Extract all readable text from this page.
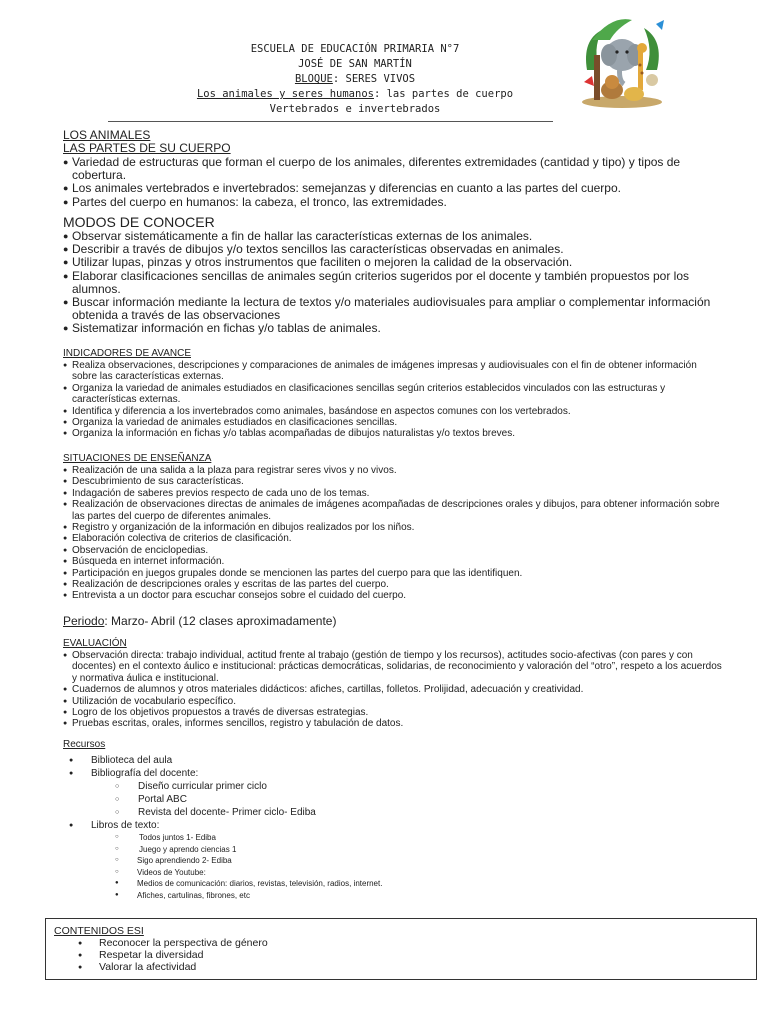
ESCUELA DE EDUCACIÓN PRIMARIA N°7
JOSÉ DE SAN MARTÍN
BLOQUE: SERES VIVOS
Los animales y seres humanos: las partes de cuerpo
Vertebrados e invertebrados
LOS ANIMALES
LAS PARTES DE SU CUERPO
● Variedad de estructuras que forman el cuerpo de los animales, diferentes extremidades (cantidad y tipo) y tipos de cobertura.
● Los animales vertebrados e invertebrados: semejanzas y diferencias en cuanto a las partes del cuerpo.
● Partes del cuerpo en humanos: la cabeza, el tronco, las extremidades.
MODOS DE CONOCER
● Observar sistemáticamente a fin de hallar las características externas de los animales.
● Describir a través de dibujos y/o textos sencillos las características observadas en animales.
● Utilizar lupas, pinzas y otros instrumentos que faciliten o mejoren la calidad de la observación.
● Elaborar clasificaciones sencillas de animales según criterios sugeridos por el docente y también propuestos por los alumnos.
● Buscar información mediante la lectura de textos y/o materiales audiovisuales para ampliar o complementar información obtenida a través de las observaciones
● Sistematizar información en fichas y/o tablas de animales.
INDICADORES DE AVANCE
● Realiza observaciones, descripciones y comparaciones de animales de imágenes impresas y audiovisuales con el fin de obtener información sobre las características externas.
● Organiza la variedad de animales estudiados en clasificaciones sencillas según criterios establecidos vinculados con las estructuras y características externas.
● Identifica y diferencia a los invertebrados como animales, basándose en aspectos comunes con los vertebrados.
● Organiza la variedad de animales estudiados en clasificaciones sencillas.
● Organiza la información en fichas y/o tablas acompañadas de dibujos naturalistas y/o textos breves.
SITUACIONES DE ENSEÑANZA
● Realización de una salida a la plaza para registrar seres vivos y no vivos.
● Descubrimiento de sus características.
● Indagación de saberes previos respecto de cada uno de los temas.
● Realización de observaciones directas de animales de imágenes acompañadas de descripciones orales y dibujos, para obtener información sobre las partes del cuerpo de diferentes animales.
● Registro y organización de la información en dibujos realizados por los niños.
● Elaboración colectiva de criterios de clasificación.
● Observación de enciclopedias.
● Búsqueda en internet información.
● Participación en juegos grupales donde se mencionen las partes del cuerpo para que las identifiquen.
● Realización de descripciones orales y escritas de las partes del cuerpo.
● Entrevista a un doctor para escuchar consejos sobre el cuidado del cuerpo.
Periodo: Marzo- Abril (12 clases aproximadamente)
EVALUACIÓN
● Observación directa: trabajo individual, actitud frente al trabajo (gestión de tiempo y los recursos), actitudes socio-afectivas (con pares y con docentes) en el contexto áulico e institucional: prácticas democráticas, solidarias, de reconocimiento y valoración del “otro”, respeto a los acuerdos y normativa áulica e institucional.
● Cuadernos de alumnos y otros materiales didácticos: afiches, cartillas, folletos. Prolijidad, adecuación y creatividad.
● Utilización de vocabulario específico.
● Logro de los objetivos propuestos a través de diversas estrategias.
● Pruebas escritas, orales, informes sencillos, registro y tabulación de datos.
Recursos
● Biblioteca del aula
● Bibliografía del docente:
○ Diseño curricular primer ciclo
○ Portal ABC
○ Revista del docente- Primer ciclo- Ediba
● Libros de texto:
○	Todos juntos 1- Ediba
○	Juego y aprendo ciencias 1
○ Sigo aprendiendo 2- Ediba
○ Videos de Youtube:
● Medios de comunicación: diarios, revistas, televisión, radios, internet.
● Afiches, cartulinas, fibrones, etc
CONTENIDOS ESI
● Reconocer la perspectiva de género
● Respetar la diversidad
● Valorar la afectividad
